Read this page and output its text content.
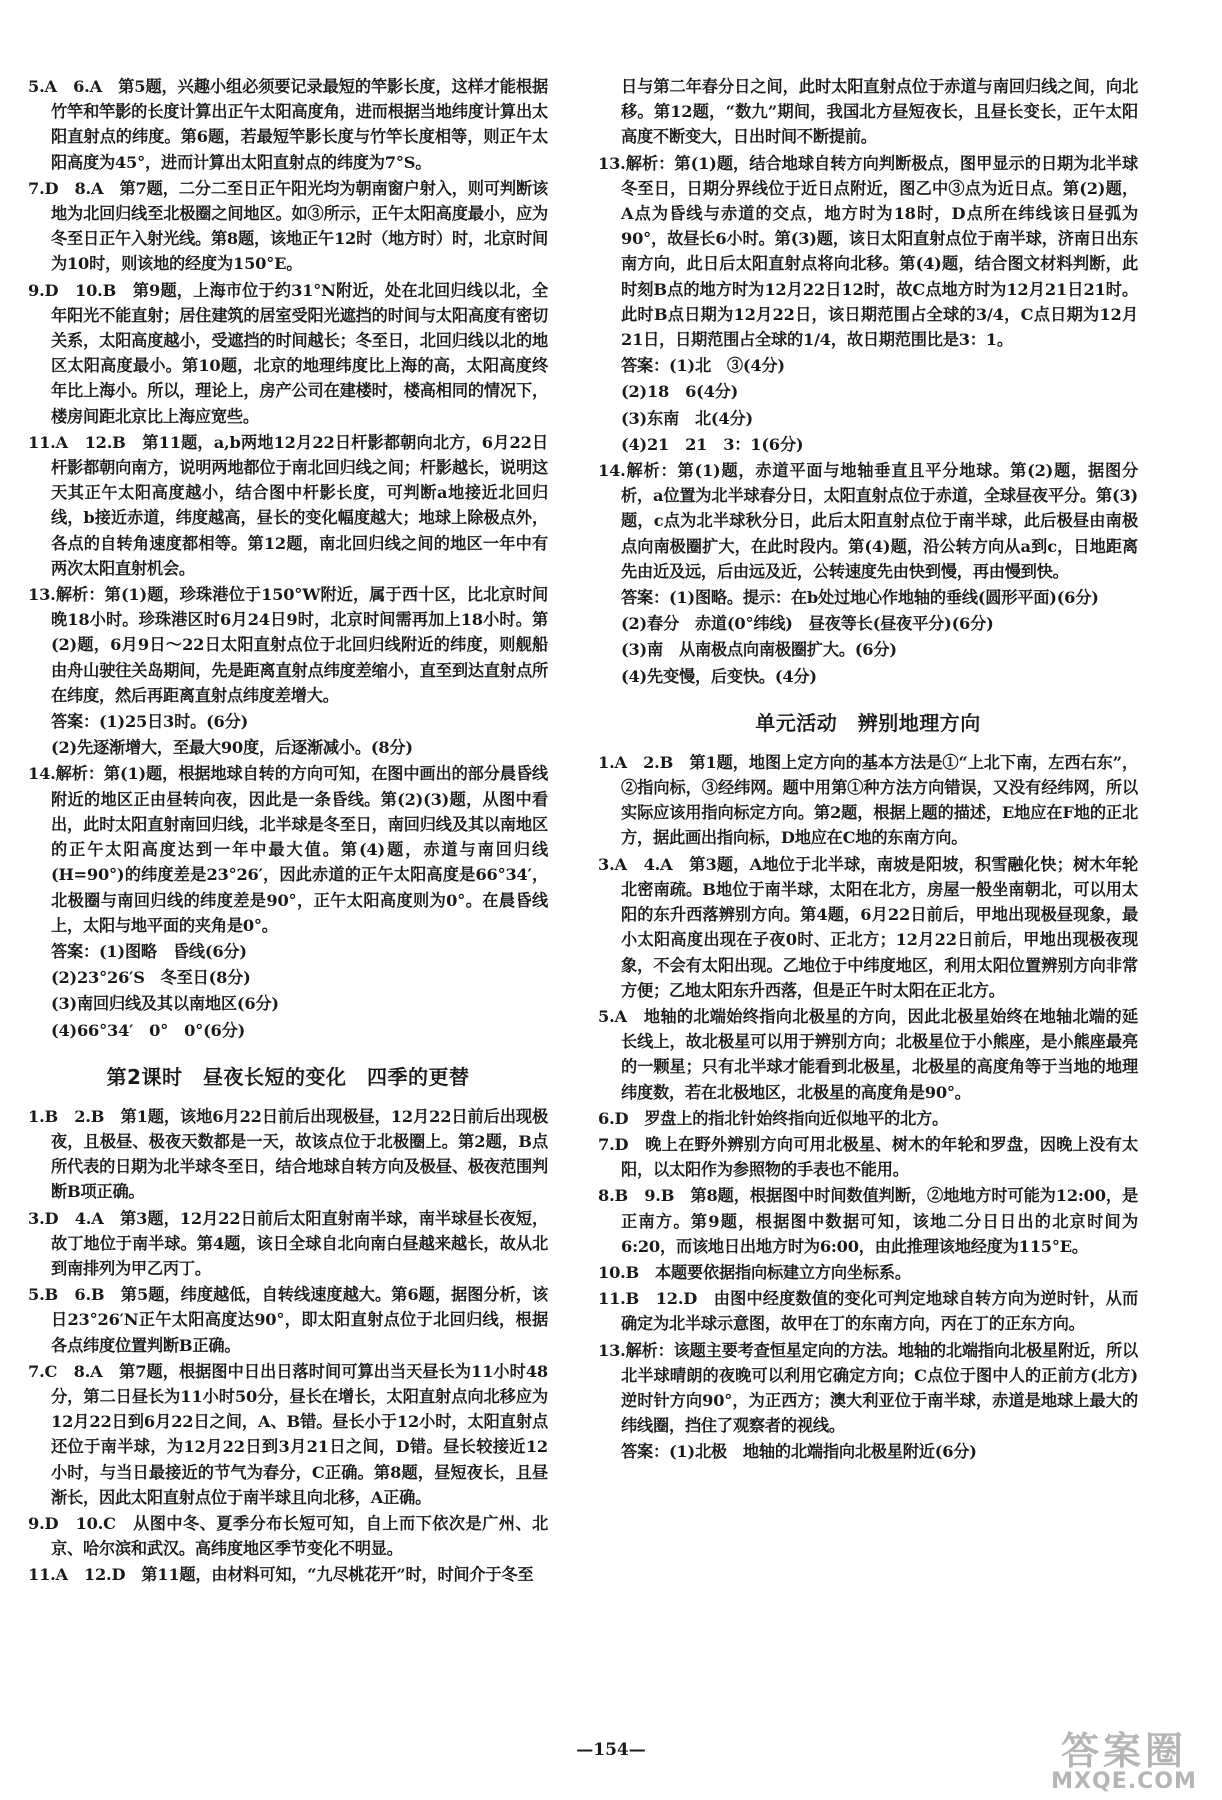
5.A　6.A　第5题，兴趣小组必须要记录最短的竿影长度，这样才能根据竹竿和竿影的长度计算出正午太阳高度角，进而根据当地纬度计算出太阳直射点的纬度。第6题，若最短竿影长度与竹竿长度相等，则正午太阳高度为45°，进而计算出太阳直射点的纬度为7°S。

7.D　8.A　第7题，二分二至日正午阳光均为朝南窗户射入，则可判断该地为北回归线至北极圈之间地区。如③所示，正午太阳高度最小，应为冬至日正午入射光线。第8题，该地正午12时（地方时）时，北京时间为10时，则该地的经度为150°E。

9.D　10.B　第9题，上海市位于约31°N附近，处在北回归线以北，全年阳光不能直射；居住建筑的居室受阳光遮挡的时间与太阳高度有密切关系，太阳高度越小，受遮挡的时间越长；冬至日，北回归线以北的地区太阳高度最小。第10题，北京的地理纬度比上海的高，太阳高度终年比上海小。所以，理论上，房产公司在建楼时，楼高相同的情况下，楼房间距北京比上海应宽些。

11.A　12.B　第11题，a,b两地12月22日杆影都朝向北方，6月22日杆影都朝向南方，说明两地都位于南北回归线之间；杆影越长，说明这天其正午太阳高度越小，结合图中杆影长度，可判断a地接近北回归线，b接近赤道，纬度越高，昼长的变化幅度越大；地球上除极点外，各点的自转角速度都相等。第12题，南北回归线之间的地区一年中有两次太阳直射机会。

13.解析：第(1)题，珍珠港位于150°W附近，属于西十区，比北京时间晚18小时。珍珠港区时6月24日9时，北京时间需再加上18小时。第(2)题，6月9日～22日太阳直射点位于北回归线附近的纬度，则舰船由舟山驶往关岛期间，先是距离直射点纬度差缩小，直至到达直射点所在纬度，然后再距离直射点纬度差增大。

答案：(1)25日3时。(6分)

(2)先逐渐增大，至最大90度，后逐渐减小。(8分)

14.解析：第(1)题，根据地球自转的方向可知，在图中画出的部分晨昏线附近的地区正由昼转向夜，因此是一条昏线。第(2)(3)题，从图中看出，此时太阳直射南回归线，北半球是冬至日，南回归线及其以南地区的正午太阳高度达到一年中最大值。第(4)题，赤道与南回归线(H=90°)的纬度差是23°26′，因此赤道的正午太阳高度是66°34′，北极圈与南回归线的纬度差是90°，正午太阳高度则为0°。在晨昏线上，太阳与地平面的夹角是0°。

答案：(1)图略　昏线(6分)

(2)23°26′S　冬至日(8分)

(3)南回归线及其以南地区(6分)

(4)66°34′　0°　0°(6分)

第2课时　昼夜长短的变化　四季的更替

1.B　2.B　第1题，该地6月22日前后出现极昼，12月22日前后出现极夜，且极昼、极夜天数都是一天，故该点位于北极圈上。第2题，B点所代表的日期为北半球冬至日，结合地球自转方向及极昼、极夜范围判断B项正确。

3.D　4.A　第3题，12月22日前后太阳直射南半球，南半球昼长夜短，故丁地位于南半球。第4题，该日全球自北向南白昼越来越长，故从北到南排列为甲乙丙丁。

5.B　6.B　第5题，纬度越低，自转线速度越大。第6题，据图分析，该日23°26′N正午太阳高度达90°，即太阳直射点位于北回归线，根据各点纬度位置判断B正确。

7.C　8.A　第7题，根据图中日出日落时间可算出当天昼长为11小时48分，第二日昼长为11小时50分，昼长在增长，太阳直射点向北移应为12月22日到6月22日之间，A、B错。昼长小于12小时，太阳直射点还位于南半球，为12月22日到3月21日之间，D错。昼长较接近12小时，与当日最接近的节气为春分，C正确。第8题，昼短夜长，且昼渐长，因此太阳直射点位于南半球且向北移，A正确。

9.D　10.C　从图中冬、夏季分布长短可知，自上而下依次是广州、北京、哈尔滨和武汉。高纬度地区季节变化不明显。

11.A　12.D　第11题，由材料可知，“九尽桃花开”时，时间介于冬至

日与第二年春分日之间，此时太阳直射点位于赤道与南回归线之间，向北移。第12题，“数九”期间，我国北方昼短夜长，且昼长变长，正午太阳高度不断变大，日出时间不断提前。

13.解析：第(1)题，结合地球自转方向判断极点，图甲显示的日期为北半球冬至日，日期分界线位于近日点附近，图乙中③点为近日点。第(2)题，A点为昏线与赤道的交点，地方时为18时，D点所在纬线该日昼弧为90°，故昼长6小时。第(3)题，该日太阳直射点位于南半球，济南日出东南方向，此日后太阳直射点将向北移。第(4)题，结合图文材料判断，此时刻B点的地方时为12月22日12时，故C点地方时为12月21日21时。此时B点日期为12月22日，该日期范围占全球的3/4，C点日期为12月21日，日期范围占全球的1/4，故日期范围比是3：1。

答案：(1)北　③(4分)

(2)18　6(4分)

(3)东南　北(4分)

(4)21　21　3：1(6分)

14.解析：第(1)题，赤道平面与地轴垂直且平分地球。第(2)题，据图分析，a位置为北半球春分日，太阳直射点位于赤道，全球昼夜平分。第(3)题，c点为北半球秋分日，此后太阳直射点位于南半球，此后极昼由南极点向南极圈扩大，在此时段内。第(4)题，沿公转方向从a到c，日地距离先由近及远，后由远及近，公转速度先由快到慢，再由慢到快。

答案：(1)图略。提示：在b处过地心作地轴的垂线(圆形平面)(6分)

(2)春分　赤道(0°纬线)　昼夜等长(昼夜平分)(6分)

(3)南　从南极点向南极圈扩大。(6分)

(4)先变慢，后变快。(4分)

单元活动　辨别地理方向

1.A　2.B　第1题，地图上定方向的基本方法是①“上北下南，左西右东”，②指向标，③经纬网。题中用第①种方法方向错误，又没有经纬网，所以实际应该用指向标定方向。第2题，根据上题的描述，E地应在F地的正北方，据此画出指向标，D地应在C地的东南方向。

3.A　4.A　第3题，A地位于北半球，南坡是阳坡，积雪融化快；树木年轮北密南疏。B地位于南半球，太阳在北方，房屋一般坐南朝北，可以用太阳的东升西落辨别方向。第4题，6月22日前后，甲地出现极昼现象，最小太阳高度出现在子夜0时、正北方；12月22日前后，甲地出现极夜现象，不会有太阳出现。乙地位于中纬度地区，利用太阳位置辨别方向非常方便；乙地太阳东升西落，但是正午时太阳在正北方。

5.A　地轴的北端始终指向北极星的方向，因此北极星始终在地轴北端的延长线上，故北极星可以用于辨别方向；北极星位于小熊座，是小熊座最亮的一颗星；只有北半球才能看到北极星，北极星的高度角等于当地的地理纬度数，若在北极地区，北极星的高度角是90°。

6.D　罗盘上的指北针始终指向近似地平的北方。

7.D　晚上在野外辨别方向可用北极星、树木的年轮和罗盘，因晚上没有太阳，以太阳作为参照物的手表也不能用。

8.B　9.B　第8题，根据图中时间数值判断，②地地方时可能为12:00，是正南方。第9题，根据图中数据可知，该地二分日日出的北京时间为6:20，而该地日出地方时为6:00，由此推理该地经度为115°E。

10.B　本题要依据指向标建立方向坐标系。

11.B　12.D　由图中经度数值的变化可判定地球自转方向为逆时针，从而确定为北半球示意图，故甲在丁的东南方向，丙在丁的正东方向。

13.解析：该题主要考查恒星定向的方法。地轴的北端指向北极星附近，所以北半球晴朗的夜晚可以利用它确定方向；C点位于图中人的正前方(北方)逆时针方向90°，为正西方；澳大利亚位于南半球，赤道是地球上最大的纬线圈，挡住了观察者的视线。

答案：(1)北极　地轴的北端指向北极星附近(6分)

—154—	答案圈
MXQE.COM
